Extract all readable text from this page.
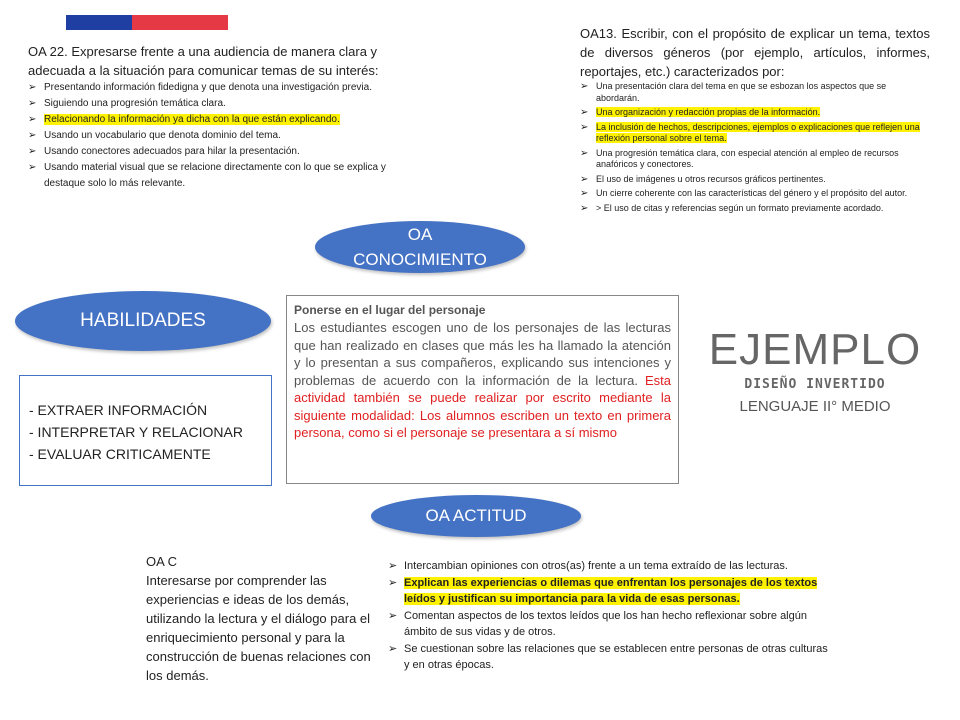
OA 22. Expresarse frente a una audiencia de manera clara y adecuada a la situación para comunicar temas de su interés:
➢ Presentando información fidedigna y que denota una investigación previa.
➢ Siguiendo una progresión temática clara.
➢ Relacionando la información ya dicha con la que están explicando.
➢ Usando un vocabulario que denota dominio del tema.
➢ Usando conectores adecuados para hilar la presentación.
➢ Usando material visual que se relacione directamente con lo que se explica y destaque solo lo más relevante.
OA13. Escribir, con el propósito de explicar un tema, textos de diversos géneros (por ejemplo, artículos, informes, reportajes, etc.) caracterizados por:
➢ Una presentación clara del tema en que se esbozan los aspectos que se abordarán.
➢ Una organización y redacción propias de la información.
➢ La inclusión de hechos, descripciones, ejemplos o explicaciones que reflejen una reflexión personal sobre el tema.
➢ Una progresión temática clara, con especial atención al empleo de recursos anafóricos y conectores.
➢ El uso de imágenes u otros recursos gráficos pertinentes.
➢ Un cierre coherente con las características del género y el propósito del autor.
➢ > El uso de citas y referencias según un formato previamente acordado.
OA
CONOCIMIENTO
HABILIDADES
- EXTRAER INFORMACIÓN
- INTERPRETAR Y RELACIONAR
- EVALUAR CRITICAMENTE
Ponerse en el lugar del personaje
Los estudiantes escogen uno de los personajes de las lecturas que han realizado en clases que más les ha llamado la atención y lo presentan a sus compañeros, explicando sus intenciones y problemas de acuerdo con la información de la lectura. Esta actividad también se puede realizar por escrito mediante la siguiente modalidad: Los alumnos escriben un texto en primera persona, como si el personaje se presentara a sí mismo
EJEMPLO
DISEÑO INVERTIDO
LENGUAJE II° MEDIO
OA ACTITUD
OA C
Interesarse por comprender las experiencias e ideas de los demás, utilizando la lectura y el diálogo para el enriquecimiento personal y para la construcción de buenas relaciones con los demás.
➢ Intercambian opiniones con otros(as) frente a un tema extraído de las lecturas.
➢ Explican las experiencias o dilemas que enfrentan los personajes de los textos leídos y justifican su importancia para la vida de esas personas.
➢ Comentan aspectos de los textos leídos que los han hecho reflexionar sobre algún ámbito de sus vidas y de otros.
➢ Se cuestionan sobre las relaciones que se establecen entre personas de otras culturas y en otras épocas.
